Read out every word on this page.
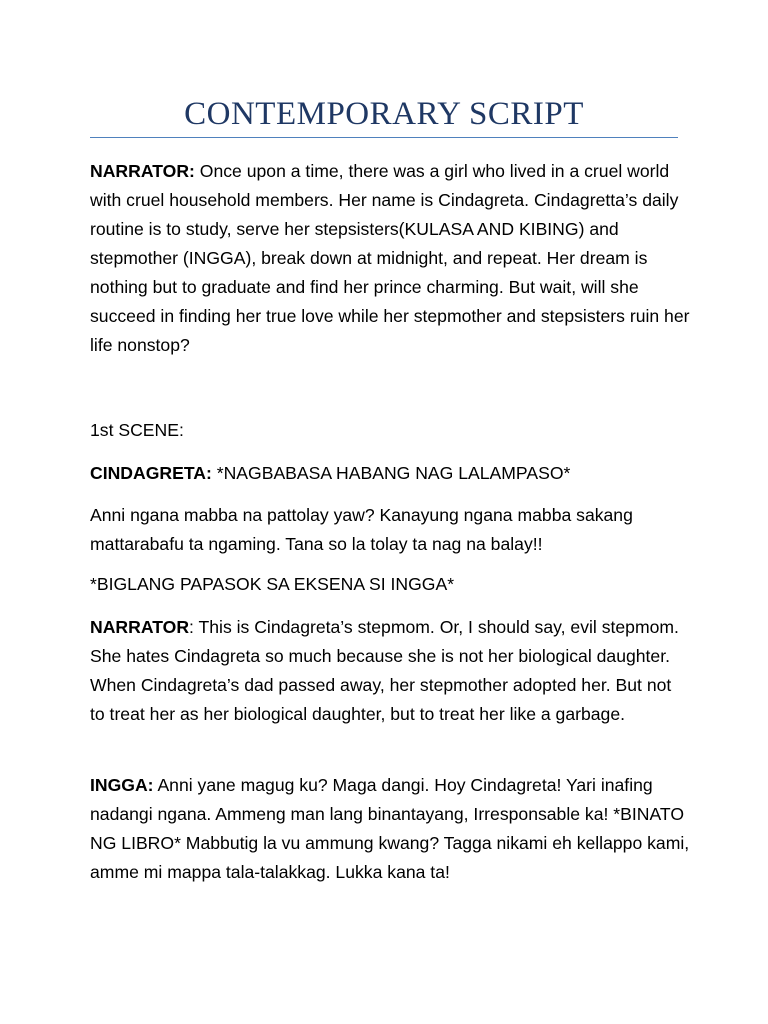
CONTEMPORARY SCRIPT

NARRATOR: Once upon a time, there was a girl who lived in a cruel world with cruel household members. Her name is Cindagreta. Cindagretta’s daily routine is to study, serve her stepsisters(KULASA AND KIBING) and stepmother (INGGA), break down at midnight, and repeat. Her dream is nothing but to graduate and find her prince charming. But wait, will she succeed in finding her true love while her stepmother and stepsisters ruin her life nonstop?

1st SCENE:

CINDAGRETA: *NAGBABASA HABANG NAG LALAMPASO*

Anni ngana mabba na pattolay yaw? Kanayung ngana mabba sakang mattarabafu ta ngaming. Tana so la tolay ta nag na balay!!

*BIGLANG PAPASOK SA EKSENA SI INGGA*

NARRATOR: This is Cindagreta’s stepmom. Or, I should say, evil stepmom. She hates Cindagreta so much because she is not her biological daughter. When Cindagreta’s dad passed away, her stepmother adopted her. But not to treat her as her biological daughter, but to treat her like a garbage.

INGGA: Anni yane magug ku? Maga dangi. Hoy Cindagreta! Yari inafing nadangi ngana. Ammeng man lang binantayang, Irresponsable ka! *BINATO NG LIBRO* Mabbutig la vu ammung kwang? Tagga nikami eh kellappo kami, amme mi mappa tala-talakkag. Lukka kana ta!
